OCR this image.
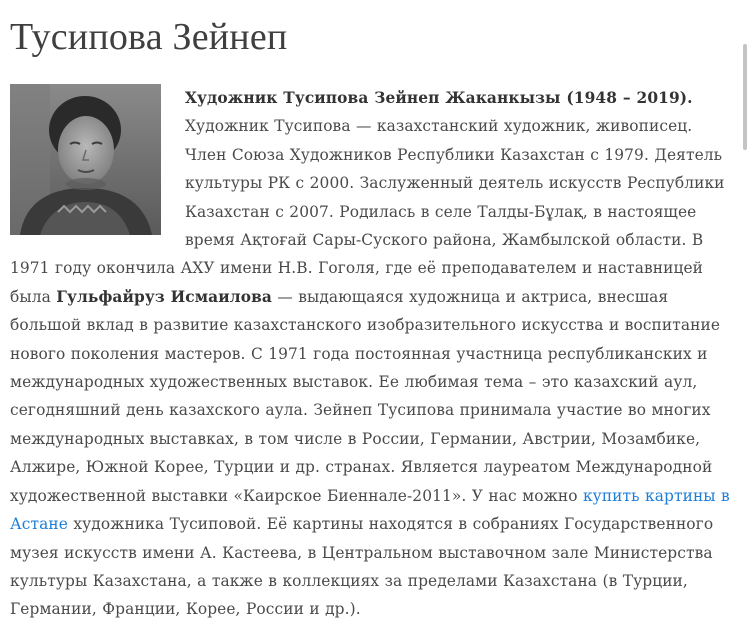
Тусипова Зейнеп

Художник Тусипова Зейнеп Жаканкызы (1948 – 2019).
Художник Тусипова — казахстанский художник, живописец. Член Союза Художников Республики Казахстан с 1979. Деятель культуры РК с 2000. Заслуженный деятель искусств Республики Казахстан с 2007. Родилась в селе Талды-Бұлақ, в настоящее время Ақтоғай Сары-Суского района, Жамбылской области. В 1971 году окончила АХУ имени Н.В. Гоголя, где её преподавателем и наставницей была Гульфайруз Исмаилова — выдающаяся художница и актриса, внесшая большой вклад в развитие казахстанского изобразительного искусства и воспитание нового поколения мастеров. С 1971 года постоянная участница республиканских и международных художественных выставок. Ее любимая тема – это казахский аул, сегодняшний день казахского аула. Зейнеп Тусипова принимала участие во многих международных выставках, в том числе в России, Германии, Австрии, Мозамбике, Алжире, Южной Корее, Турции и др. странах. Является лауреатом Международной художественной выставки «Каирское Биеннале-2011». У нас можно купить картины в Астане художника Тусиповой. Её картины находятся в собраниях Государственного музея искусств имени А. Кастеева, в Центральном выставочном зале Министерства культуры Казахстана, а также в коллекциях за пределами Казахстана (в Турции, Германии, Франции, Корее, России и др.).
